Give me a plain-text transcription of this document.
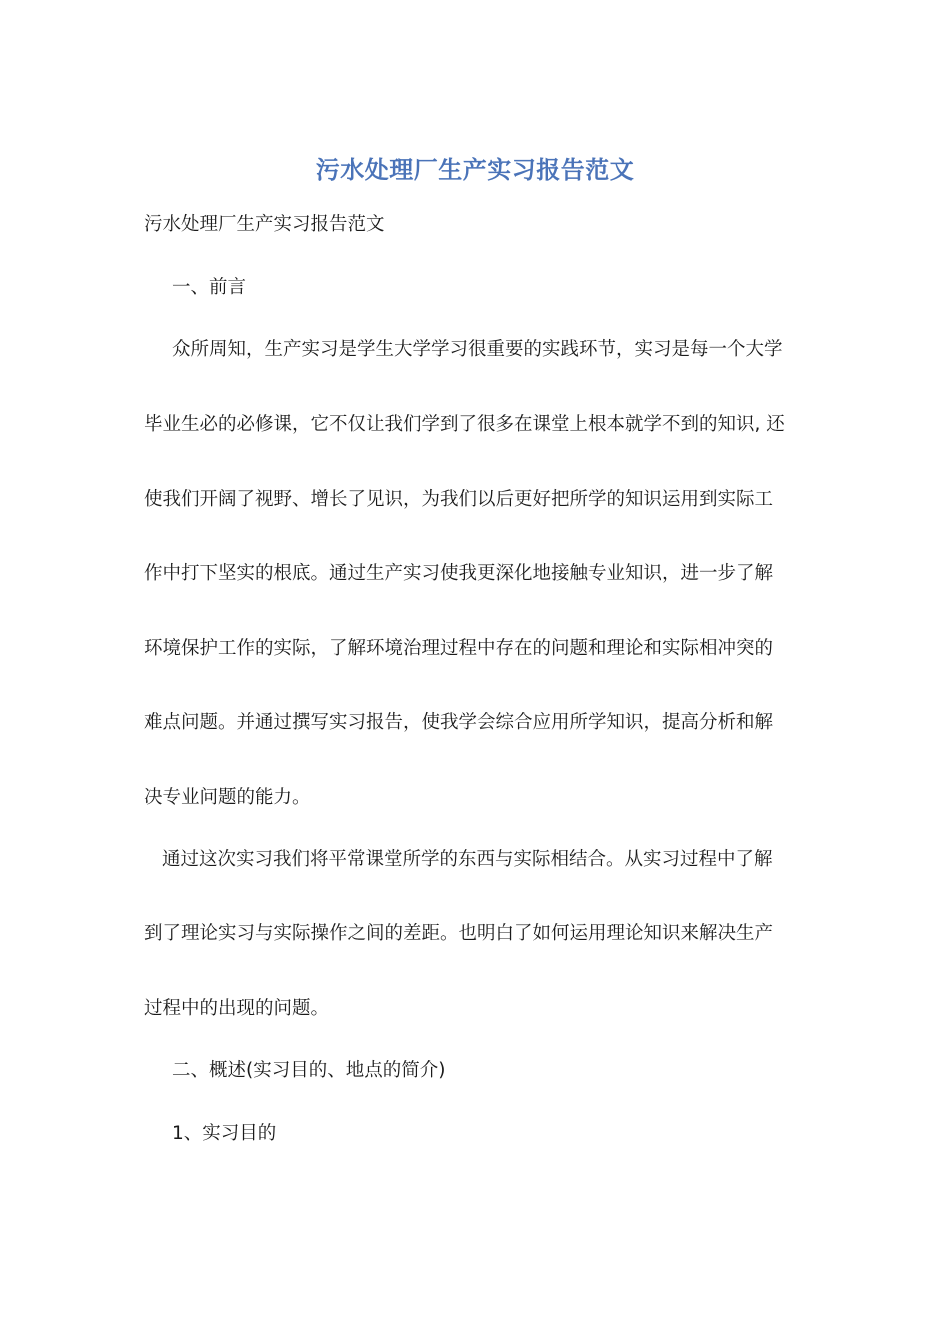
污水处理厂生产实习报告范文
污水处理厂生产实习报告范文
一、前言
众所周知，生产实习是学生大学学习很重要的实践环节，实习是每一个大学
毕业生必的必修课，它不仅让我们学到了很多在课堂上根本就学不到的知识, 还
使我们开阔了视野、增长了见识，为我们以后更好把所学的知识运用到实际工
作中打下坚实的根底。通过生产实习使我更深化地接触专业知识，进一步了解
环境保护工作的实际，了解环境治理过程中存在的问题和理论和实际相冲突的
难点问题。并通过撰写实习报告，使我学会综合应用所学知识，提高分析和解
决专业问题的能力。
通过这次实习我们将平常课堂所学的东西与实际相结合。从实习过程中了解
到了理论实习与实际操作之间的差距。也明白了如何运用理论知识来解决生产
过程中的出现的问题。
二、概述(实习目的、地点的简介)
1、实习目的
